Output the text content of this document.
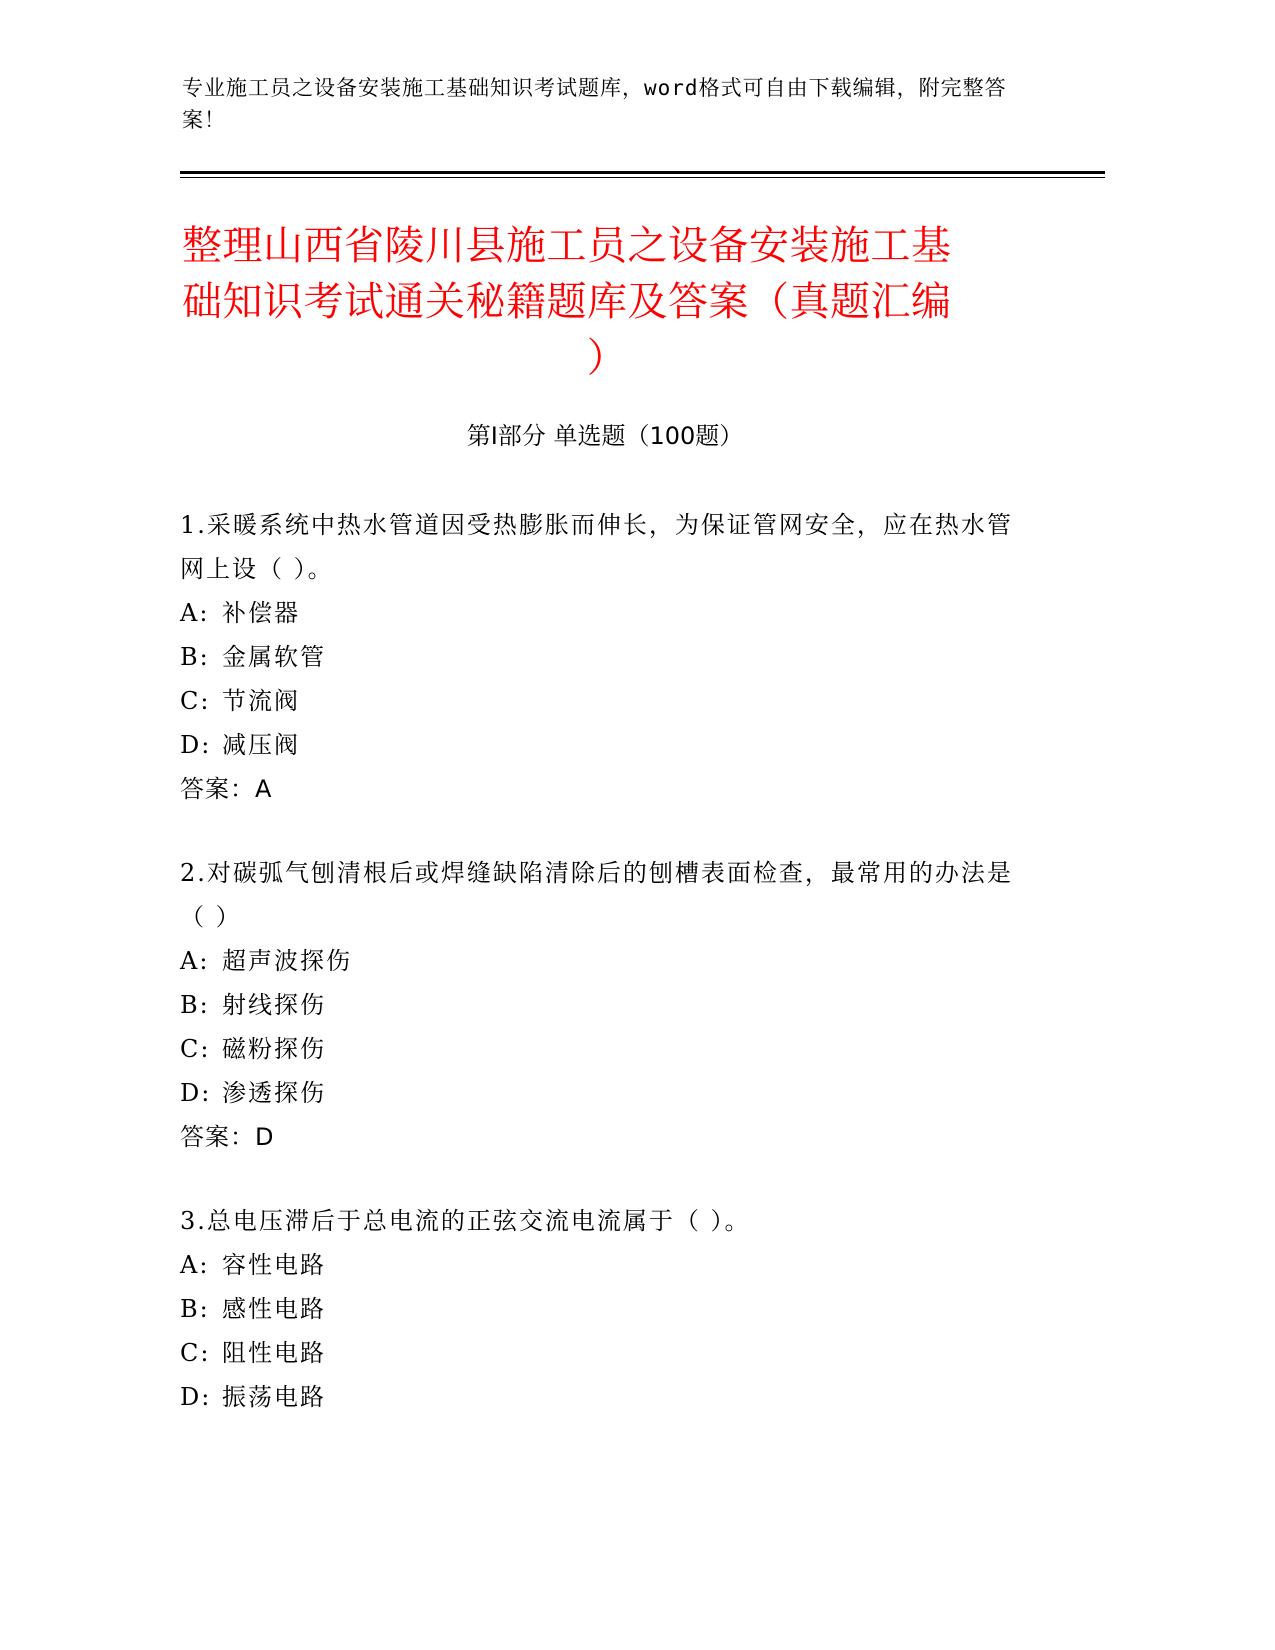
专业施工员之设备安装施工基础知识考试题库，word格式可自由下载编辑，附完整答案！
整理山西省陵川县施工员之设备安装施工基
础知识考试通关秘籍题库及答案（真题汇编
）
第Ⅰ部分 单选题（100题）

1.采暖系统中热水管道因受热膨胀而伸长，为保证管网安全，应在热水管网上设（ ）。

A: 补偿器

B: 金属软管

C: 节流阀

D: 减压阀

答案：A

2.对碳弧气刨清根后或焊缝缺陷清除后的刨槽表面检查，最常用的办法是（ ）

A: 超声波探伤

B: 射线探伤

C: 磁粉探伤

D: 渗透探伤

答案：D

3.总电压滞后于总电流的正弦交流电流属于（ ）。

A: 容性电路

B: 感性电路

C: 阻性电路

D: 振荡电路
